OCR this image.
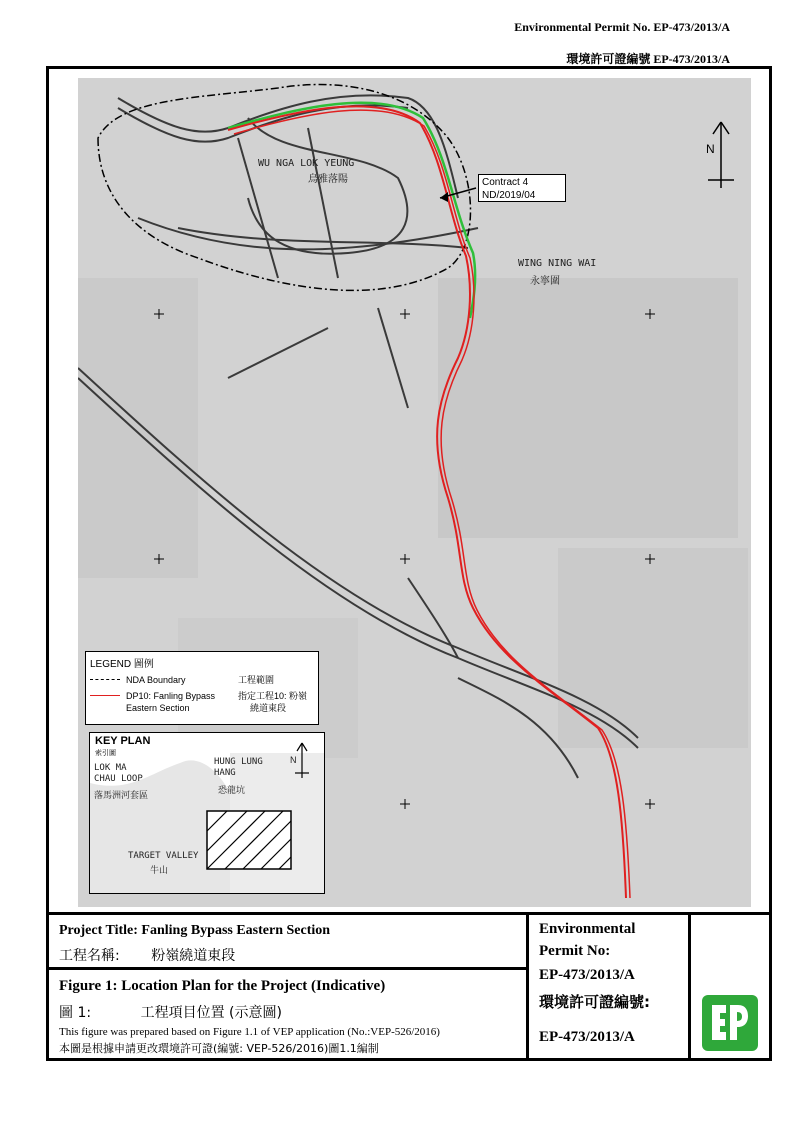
Environmental Permit No. EP-473/2013/A
環境許可證編號 EP-473/2013/A
WU NGA LOK YEUNG
烏雅落陽
WING NING WAI
永寧圍
Contract 4
ND/2019/04
N
LEGEND 圖例
NDA Boundary	工程範圍
DP10: Fanling Bypass
Eastern Section
指定工程10: 粉嶺
繞道東段
KEY PLAN
索引圖
N
LOK MA
CHAU LOOP
落馬洲河套區
HUNG LUNG
HANG
恐龍坑
TARGET VALLEY
牛山
Project Title: Fanling Bypass Eastern Section
工程名稱: 粉嶺繞道東段
Figure 1: Location Plan for the Project (Indicative)
圖 1:	工程項目位置 (示意圖)
This figure was prepared based on Figure 1.1 of VEP application (No.:VEP-526/2016)
本圖是根據申請更改環境許可證(編號: VEP-526/2016)圖1.1編制
Environmental
Permit No:
EP-473/2013/A
環境許可證編號:
EP-473/2013/A
